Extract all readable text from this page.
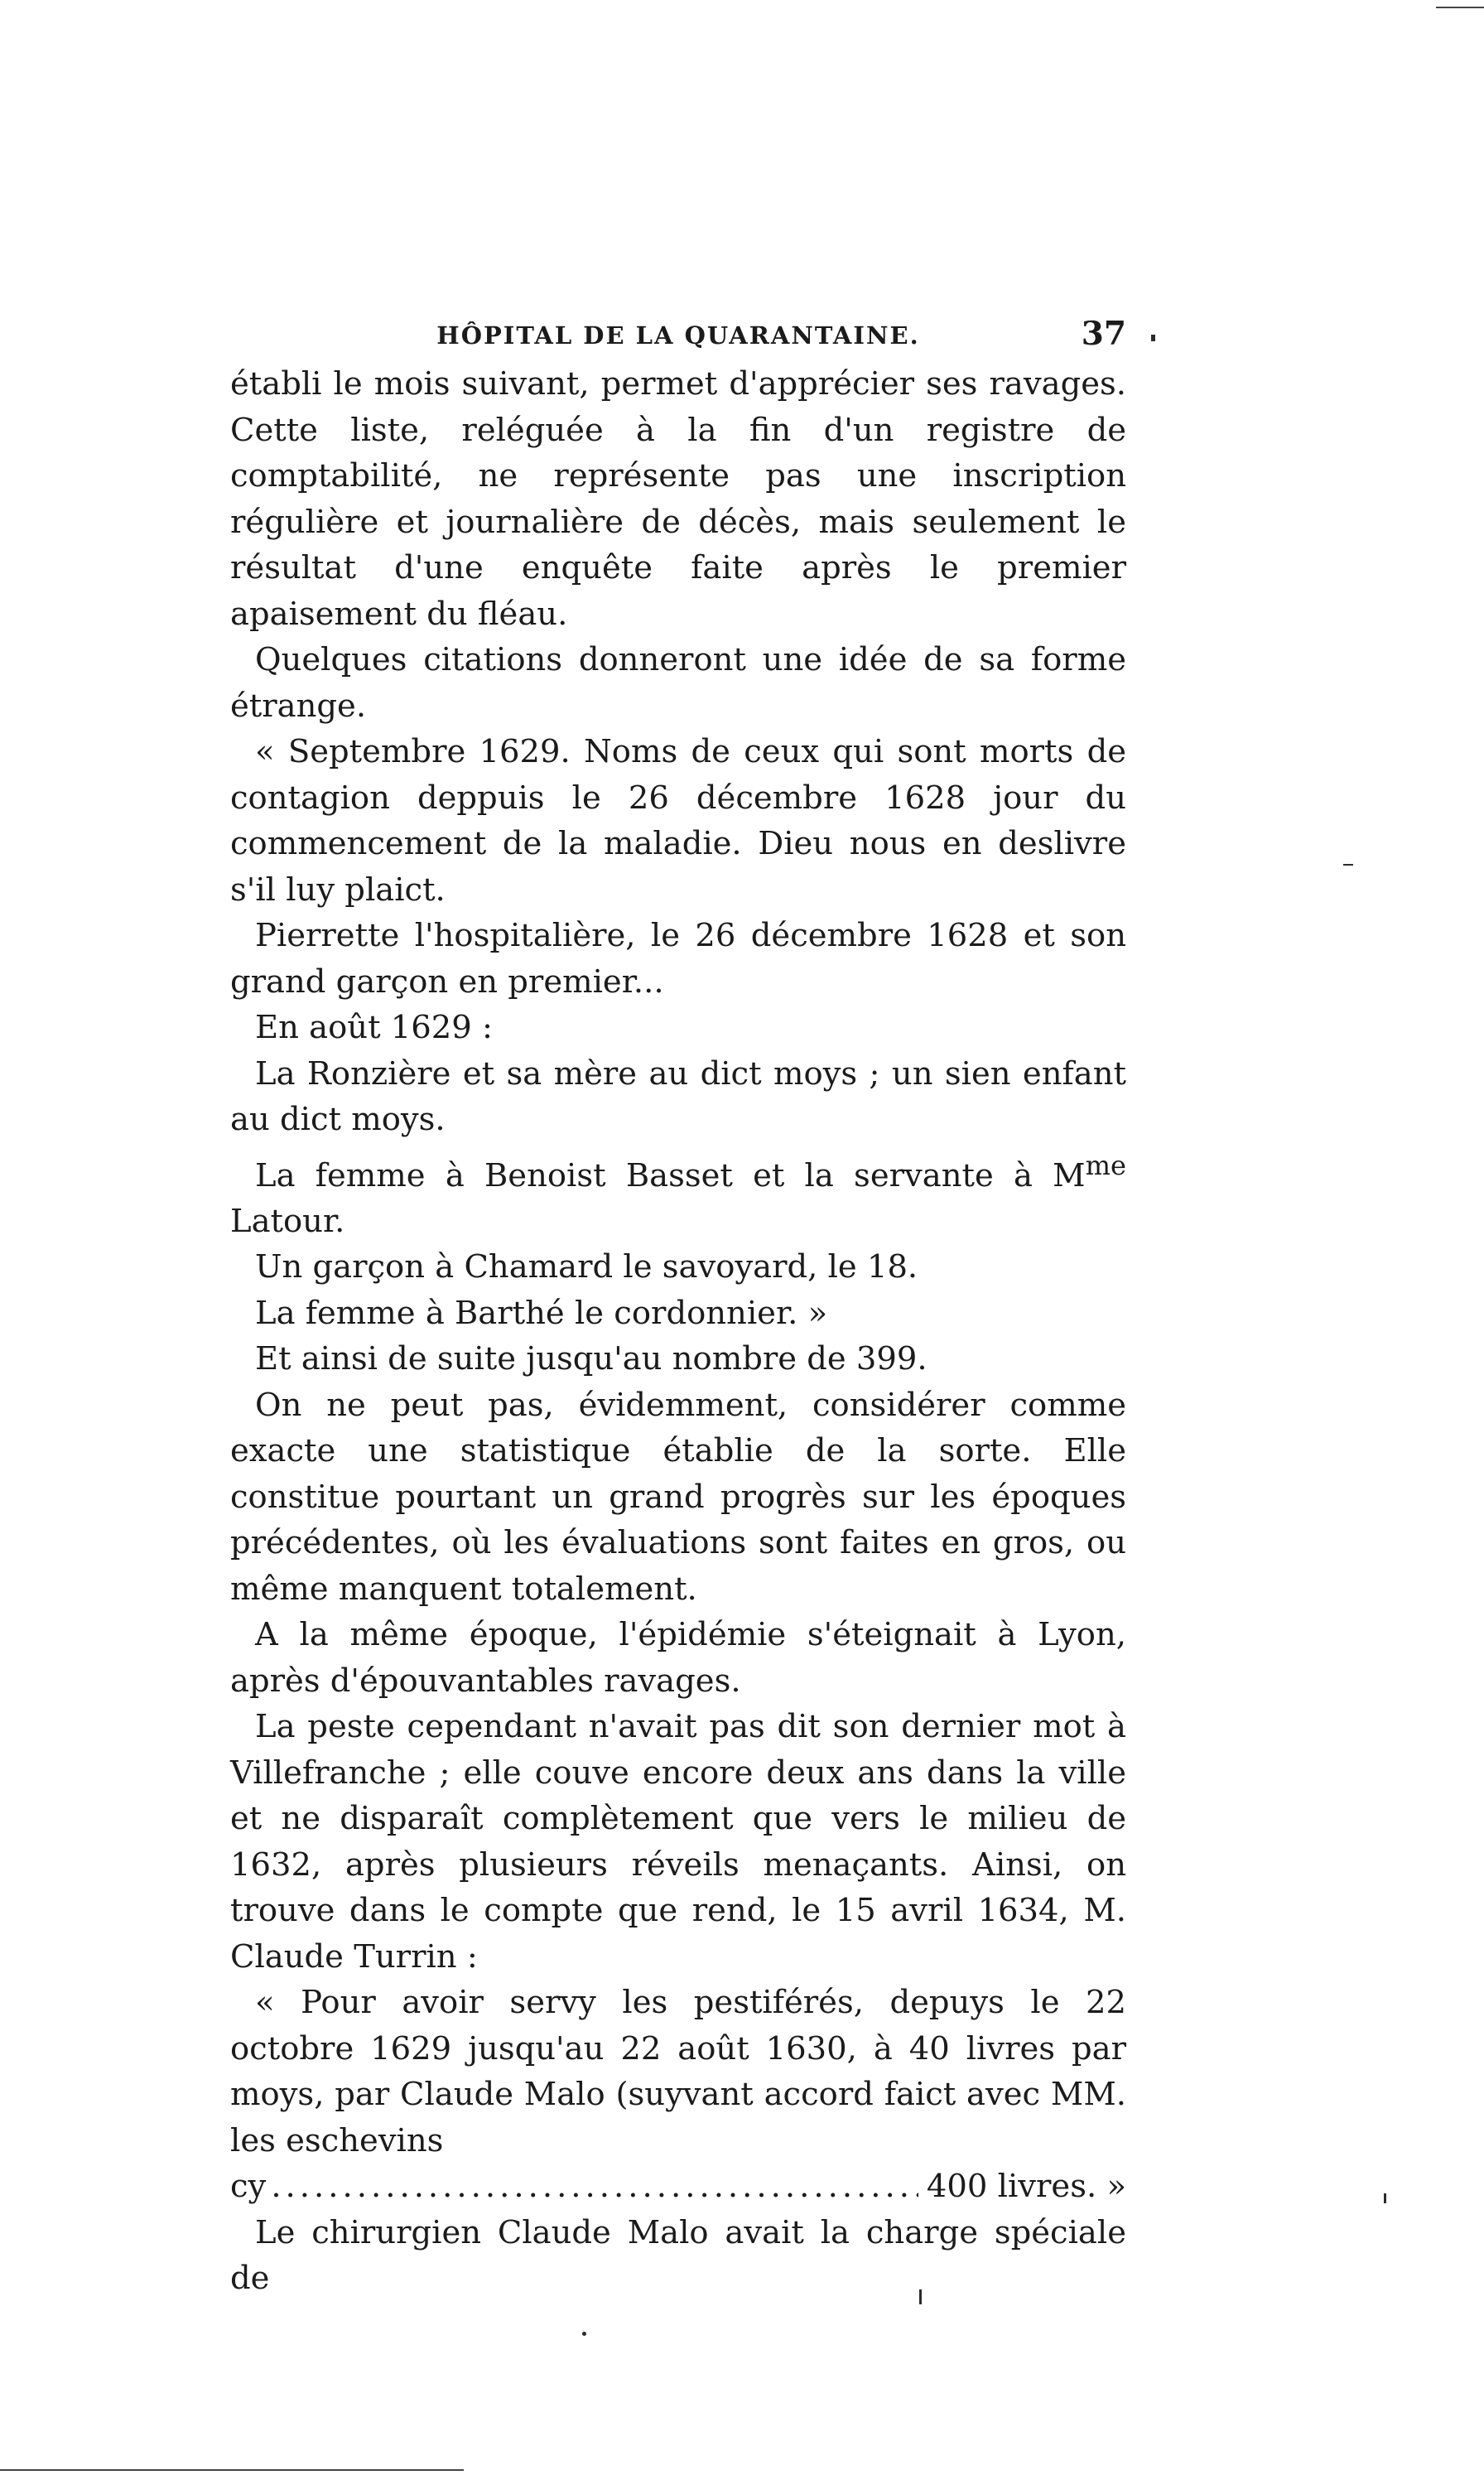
HÔPITAL DE LA QUARANTAINE.	37

établi le mois suivant, permet d'apprécier ses ravages. Cette liste, reléguée à la fin d'un registre de comptabilité, ne représente pas une inscription régulière et journalière de décès, mais seulement le résultat d'une enquête faite après le premier apaisement du fléau.

Quelques citations donneront une idée de sa forme étrange.

« Septembre 1629. Noms de ceux qui sont morts de contagion deppuis le 26 décembre 1628 jour du commencement de la maladie. Dieu nous en deslivre s'il luy plaict.

Pierrette l'hospitalière, le 26 décembre 1628 et son grand garçon en premier...

En août 1629 :

La Ronzière et sa mère au dict moys ; un sien enfant au dict moys.

La femme à Benoist Basset et la servante à $M^{me}$ Latour.

Un garçon à Chamard le savoyard, le 18.

La femme à Barthé le cordonnier. »

Et ainsi de suite jusqu'au nombre de 399.

On ne peut pas, évidemment, considérer comme exacte une statistique établie de la sorte. Elle constitue pourtant un grand progrès sur les époques précédentes, où les évaluations sont faites en gros, ou même manquent totalement.

A la même époque, l'épidémie s'éteignait à Lyon, après d'épouvantables ravages.

La peste cependant n'avait pas dit son dernier mot à Villefranche ; elle couve encore deux ans dans la ville et ne disparaît complètement que vers le milieu de 1632, après plusieurs réveils menaçants. Ainsi, on trouve dans le compte que rend, le 15 avril 1634, M. Claude Turrin :

« Pour avoir servy les pestiférés, depuys le 22 octobre 1629 jusqu'au 22 août 1630, à 40 livres par moys, par Claude Malo (suyvant accord faict avec MM. les eschevins

cy
.....	400 livres. »

Le chirurgien Claude Malo avait la charge spéciale de
